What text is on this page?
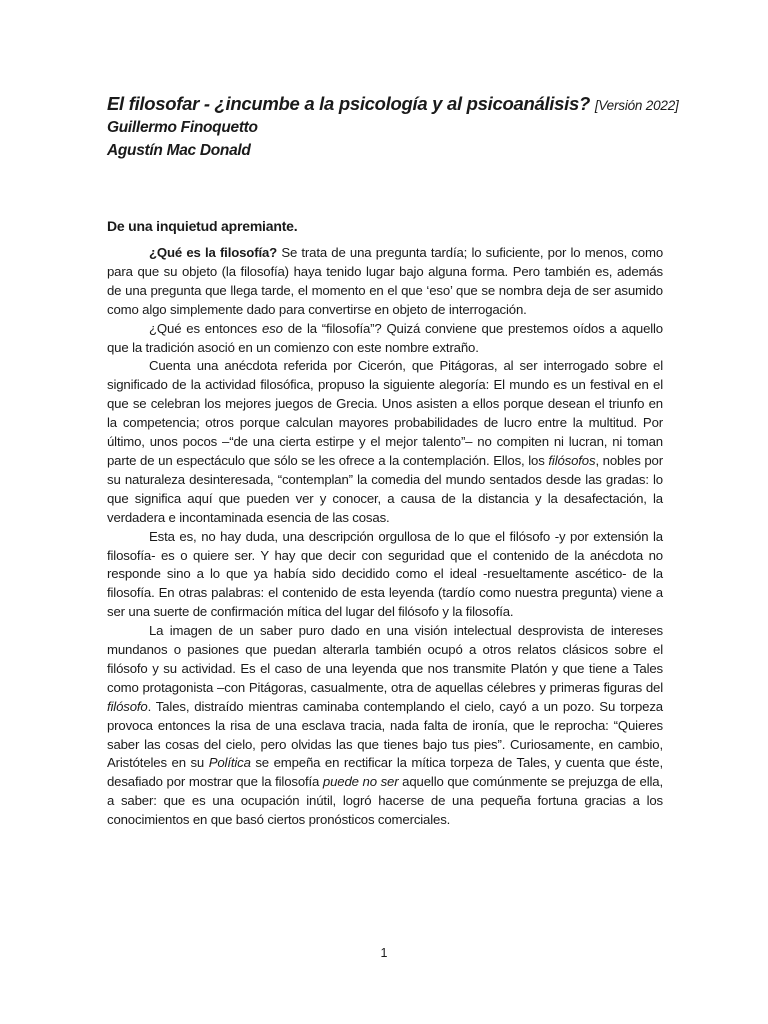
El filosofar - ¿incumbe a la psicología y al psicoanálisis? [Versión 2022]
Guillermo Finoquetto
Agustín Mac Donald
De una inquietud apremiante.

¿Qué es la filosofía? Se trata de una pregunta tardía; lo suficiente, por lo menos, como para que su objeto (la filosofía) haya tenido lugar bajo alguna forma. Pero también es, además de una pregunta que llega tarde, el momento en el que ‘eso’ que se nombra deja de ser asumido como algo simplemente dado para convertirse en objeto de interrogación.

¿Qué es entonces eso de la “filosofía”? Quizá conviene que prestemos oídos a aquello que la tradición asoció en un comienzo con este nombre extraño.

Cuenta una anécdota referida por Cicerón, que Pitágoras, al ser interrogado sobre el significado de la actividad filosófica, propuso la siguiente alegoría: El mundo es un festival en el que se celebran los mejores juegos de Grecia. Unos asisten a ellos porque desean el triunfo en la competencia; otros porque calculan mayores probabilidades de lucro entre la multitud. Por último, unos pocos –“de una cierta estirpe y el mejor talento”– no compiten ni lucran, ni toman parte de un espectáculo que sólo se les ofrece a la contemplación. Ellos, los filósofos, nobles por su naturaleza desinteresada, “contemplan” la comedia del mundo sentados desde las gradas: lo que significa aquí que pueden ver y conocer, a causa de la distancia y la desafectación, la verdadera e incontaminada esencia de las cosas.

Esta es, no hay duda, una descripción orgullosa de lo que el filósofo -y por extensión la filosofía- es o quiere ser. Y hay que decir con seguridad que el contenido de la anécdota no responde sino a lo que ya había sido decidido como el ideal -resueltamente ascético- de la filosofía. En otras palabras: el contenido de esta leyenda (tardío como nuestra pregunta) viene a ser una suerte de confirmación mítica del lugar del filósofo y la filosofía.

La imagen de un saber puro dado en una visión intelectual desprovista de intereses mundanos o pasiones que puedan alterarla también ocupó a otros relatos clásicos sobre el filósofo y su actividad. Es el caso de una leyenda que nos transmite Platón y que tiene a Tales como protagonista –con Pitágoras, casualmente, otra de aquellas célebres y primeras figuras del filósofo. Tales, distraído mientras caminaba contemplando el cielo, cayó a un pozo. Su torpeza provoca entonces la risa de una esclava tracia, nada falta de ironía, que le reprocha: “Quieres saber las cosas del cielo, pero olvidas las que tienes bajo tus pies”. Curiosamente, en cambio, Aristóteles en su Política se empeña en rectificar la mítica torpeza de Tales, y cuenta que éste, desafiado por mostrar que la filosofía puede no ser aquello que comúnmente se prejuzga de ella, a saber: que es una ocupación inútil, logró hacerse de una pequeña fortuna gracias a los conocimientos en que basó ciertos pronósticos comerciales.

1
